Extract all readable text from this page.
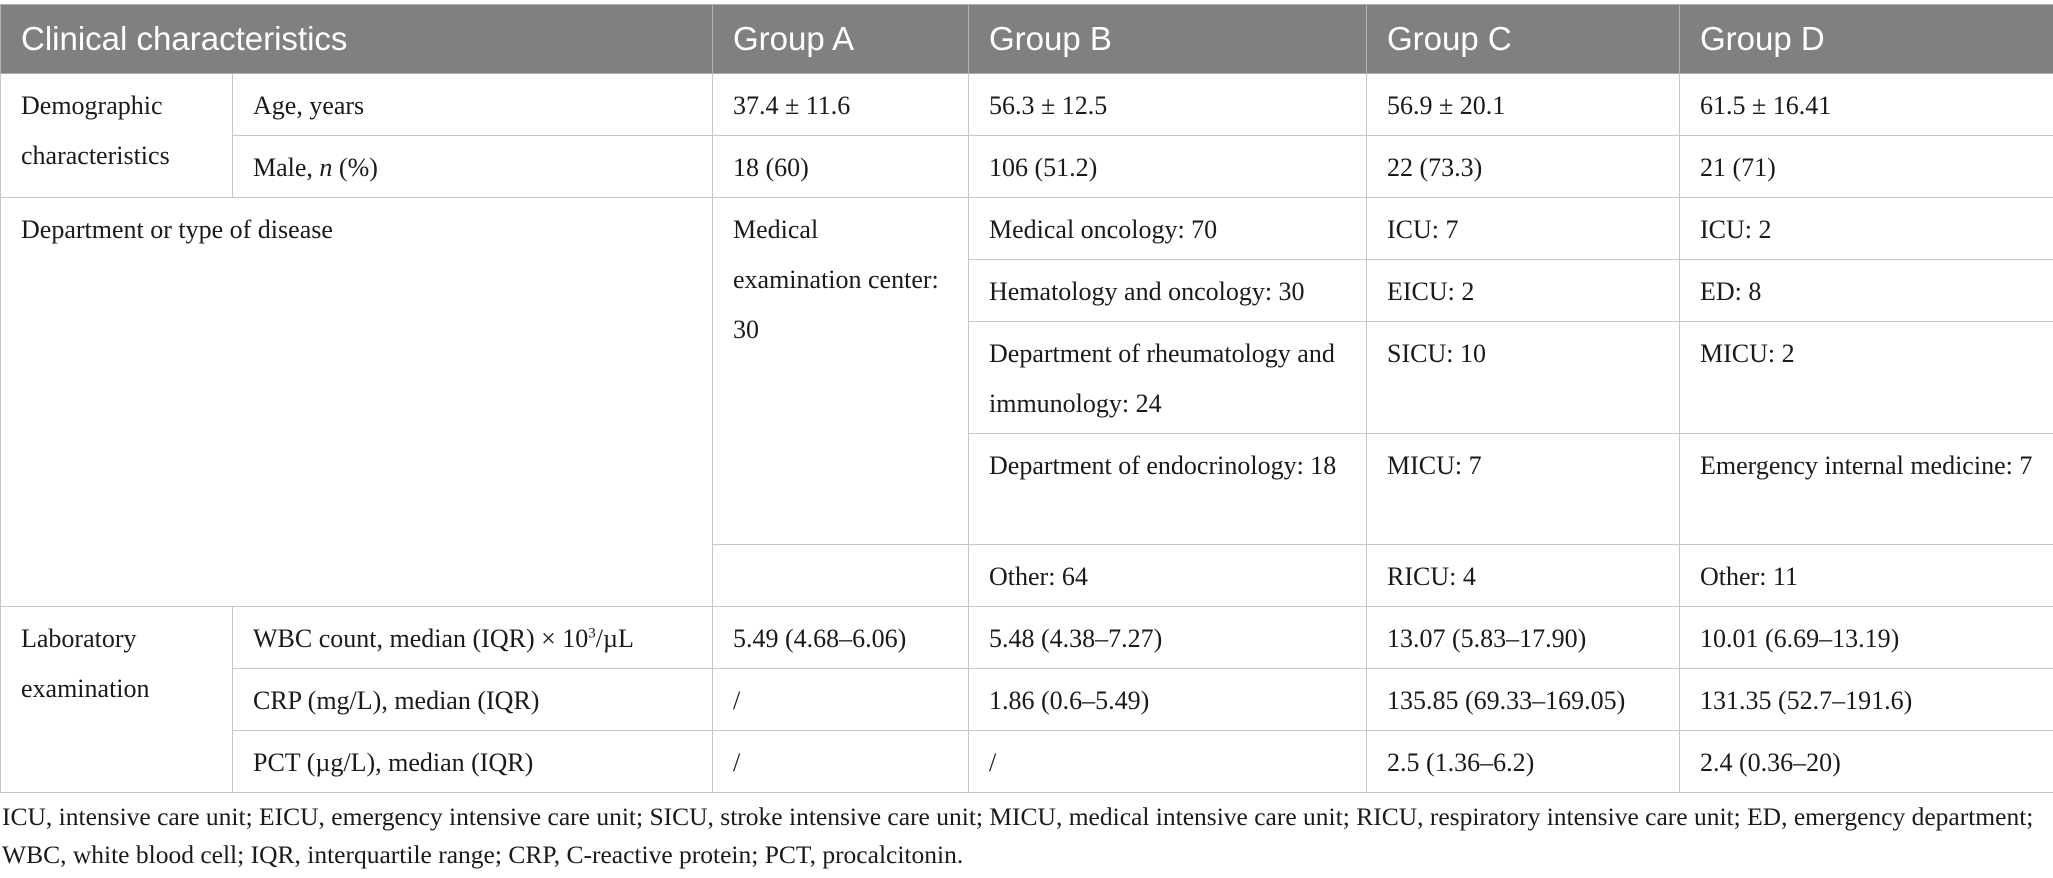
Clinical characteristics		Group A	Group B	Group C	Group D
Demographic characteristics	Age, years	37.4 ± 11.6	56.3 ± 12.5	56.9 ± 20.1	61.5 ± 16.41
	Male, n (%)	18 (60)	106 (51.2)	22 (73.3)	21 (71)
Department or type of disease		Medical examination center: 30	Medical oncology: 70	ICU: 7	ICU: 2
			Hematology and oncology: 30	EICU: 2	ED: 8
			Department of rheumatology and immunology: 24	SICU: 10	MICU: 2
			Department of endocrinology: 18	MICU: 7	Emergency internal medicine: 7
			Other: 64	RICU: 4	Other: 11
Laboratory examination	WBC count, median $(IQR) \times 10^3/\mu L$	5.49 (4.68–6.06)	5.48 (4.38–7.27)	13.07 (5.83–17.90)	10.01 (6.69–13.19)
	CRP (mg/L), median (IQR)	/	1.86 (0.6–5.49)	135.85 (69.33–169.05)	131.35 (52.7–191.6)
	PCT (µg/L), median (IQR)	/	/	2.5 (1.36–6.2)	2.4 (0.36–20)
ICU, intensive care unit; EICU, emergency intensive care unit; SICU, stroke intensive care unit; MICU, medical intensive care unit; RICU, respiratory intensive care unit; ED, emergency department; WBC, white blood cell; IQR, interquartile range; CRP, C-reactive protein; PCT, procalcitonin.
